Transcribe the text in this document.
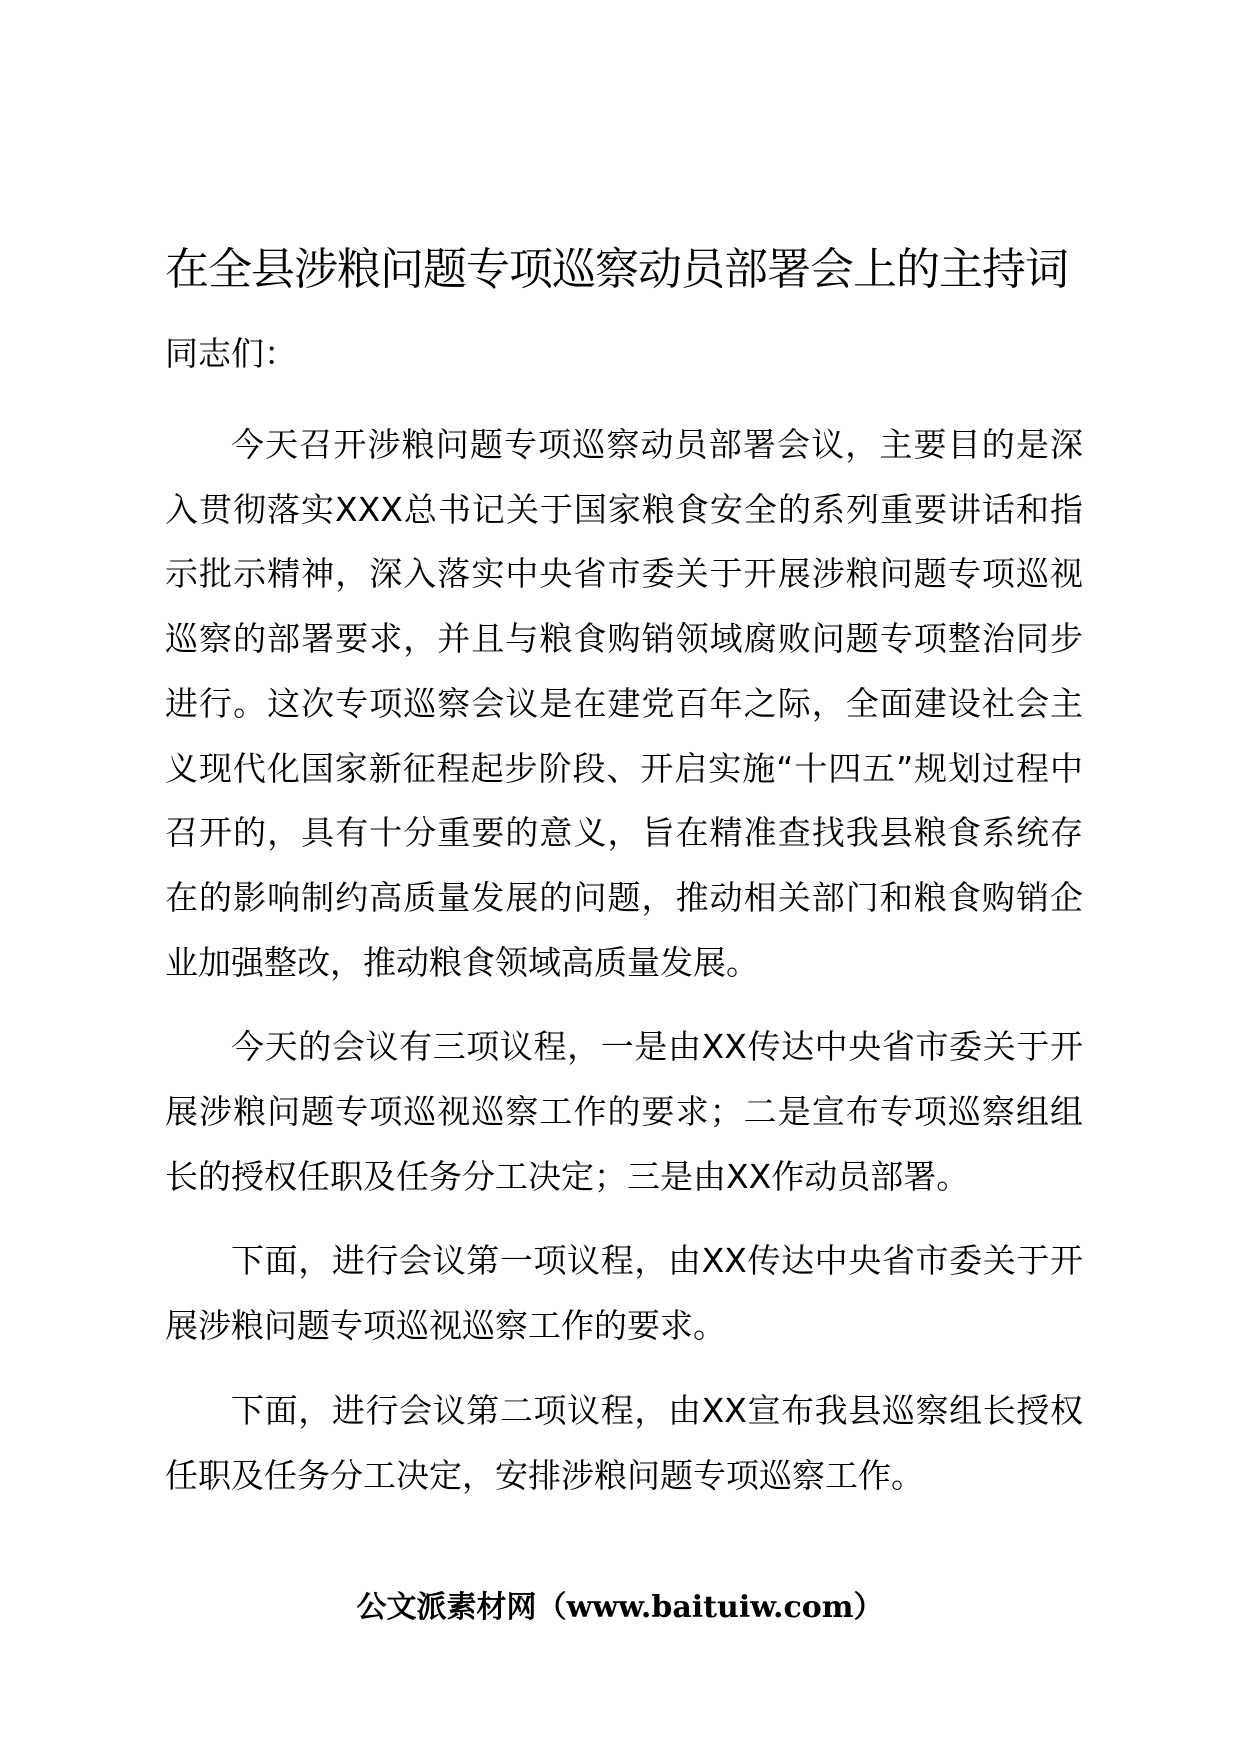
在全县涉粮问题专项巡察动员部署会上的主持词

同志们：

今天召开涉粮问题专项巡察动员部署会议，主要目的是深入贯彻落实XXX总书记关于国家粮食安全的系列重要讲话和指示批示精神，深入落实中央省市委关于开展涉粮问题专项巡视巡察的部署要求，并且与粮食购销领域腐败问题专项整治同步进行。这次专项巡察会议是在建党百年之际，全面建设社会主义现代化国家新征程起步阶段、开启实施“十四五”规划过程中召开的，具有十分重要的意义，旨在精准查找我县粮食系统存在的影响制约高质量发展的问题，推动相关部门和粮食购销企业加强整改，推动粮食领域高质量发展。

今天的会议有三项议程，一是由XX传达中央省市委关于开展涉粮问题专项巡视巡察工作的要求；二是宣布专项巡察组组长的授权任职及任务分工决定；三是由XX作动员部署。

下面，进行会议第一项议程，由XX传达中央省市委关于开展涉粮问题专项巡视巡察工作的要求。

下面，进行会议第二项议程，由XX宣布我县巡察组长授权任职及任务分工决定，安排涉粮问题专项巡察工作。

公文派素材网（www.baituiw.com）
